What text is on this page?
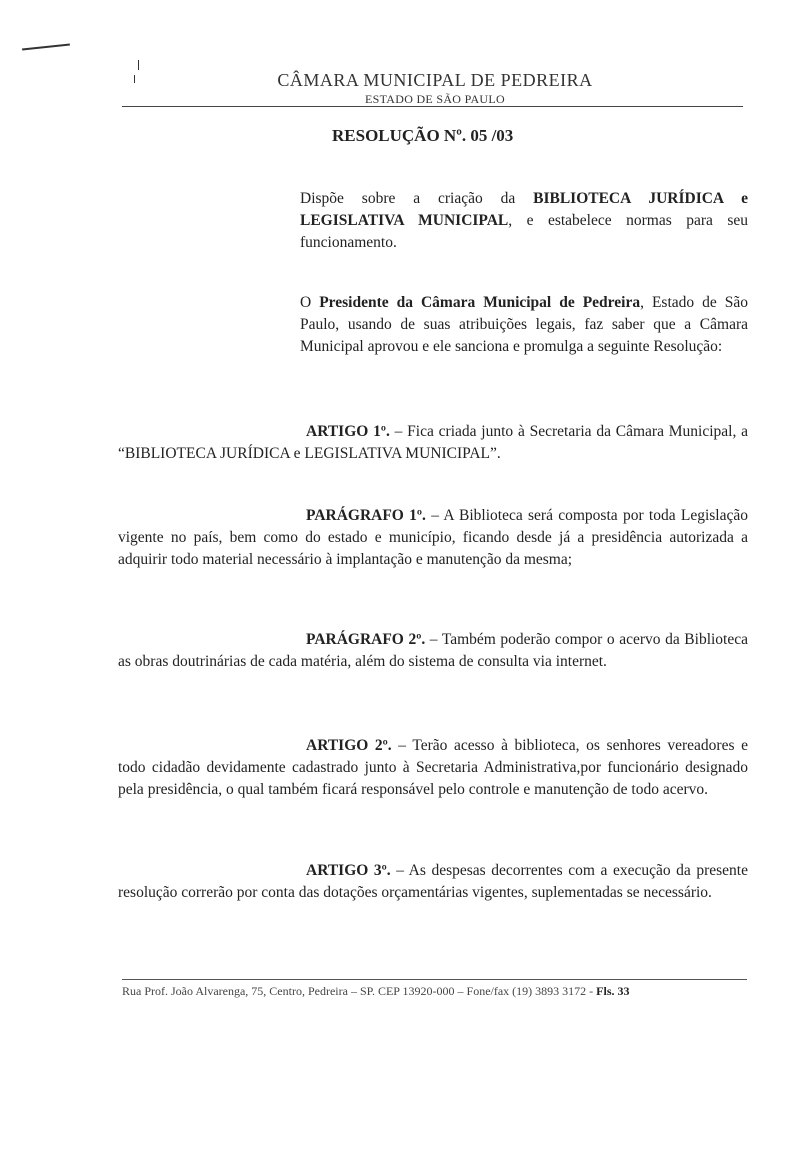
CÂMARA MUNICIPAL DE PEDREIRA
ESTADO DE SÃO PAULO
RESOLUÇÃO Nº. 05 /03

Dispõe sobre a criação da BIBLIOTECA JURÍDICA e LEGISLATIVA MUNICIPAL, e estabelece normas para seu funcionamento.

O Presidente da Câmara Municipal de Pedreira, Estado de São Paulo, usando de suas atribuições legais, faz saber que a Câmara Municipal aprovou e ele sanciona e promulga a seguinte Resolução:

ARTIGO 1º. – Fica criada junto à Secretaria da Câmara Municipal, a “BIBLIOTECA JURÍDICA e LEGISLATIVA MUNICIPAL”.

PARÁGRAFO 1º. – A Biblioteca será composta por toda Legislação vigente no país, bem como do estado e município, ficando desde já a presidência autorizada a adquirir todo material necessário à implantação e manutenção da mesma;

PARÁGRAFO 2º. – Também poderão compor o acervo da Biblioteca as obras doutrinárias de cada matéria, além do sistema de consulta via internet.

ARTIGO 2º. – Terão acesso à biblioteca, os senhores vereadores e todo cidadão devidamente cadastrado junto à Secretaria Administrativa,por funcionário designado pela presidência, o qual também ficará responsável pelo controle e manutenção de todo acervo.

ARTIGO 3º. – As despesas decorrentes com a execução da presente resolução correrão por conta das dotações orçamentárias vigentes, suplementadas se necessário.

Rua Prof. João Alvarenga, 75, Centro, Pedreira – SP. CEP 13920-000 – Fone/fax (19) 3893 3172 - Fls. 33
